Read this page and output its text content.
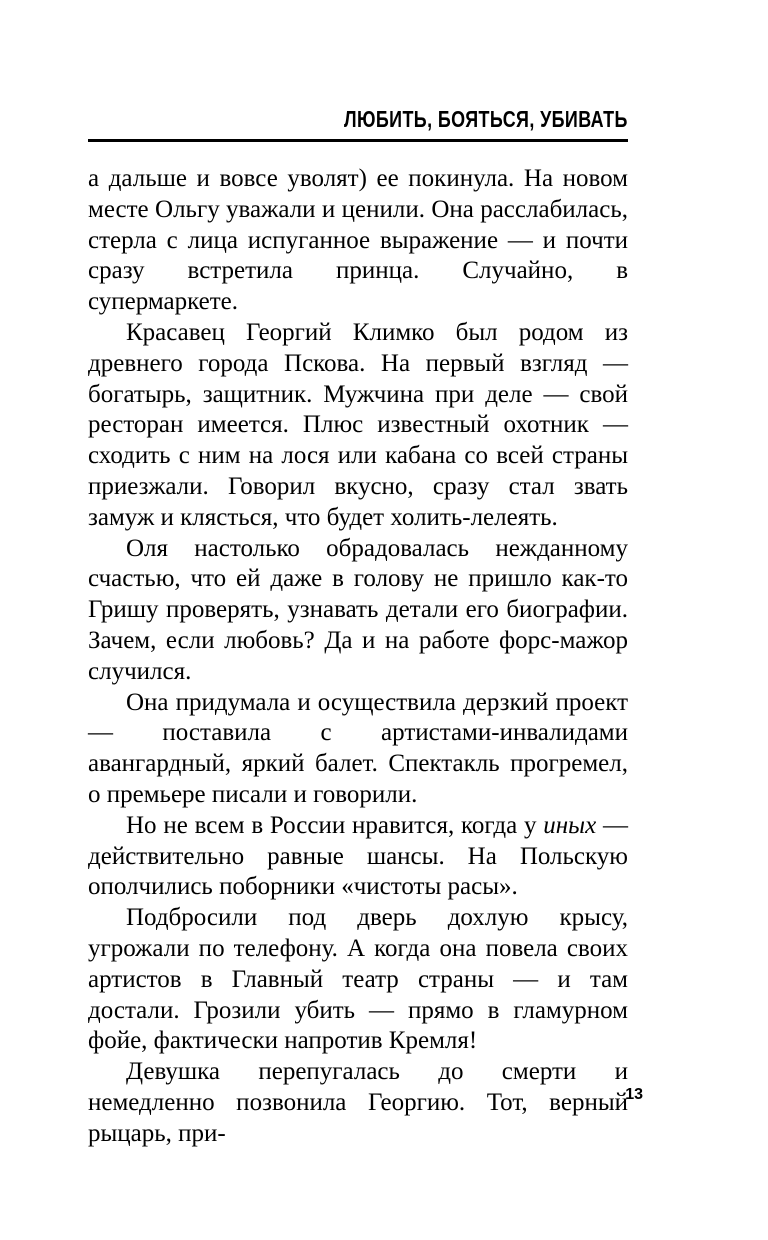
ЛЮБИТЬ, БОЯТЬСЯ, УБИВАТЬ

а дальше и вовсе уволят) ее покинула. На новом месте Ольгу уважали и ценили. Она расслабилась, стерла с лица испуганное выражение — и почти сразу встретила принца. Случайно, в супермаркете.

Красавец Георгий Климко был родом из древнего города Пскова. На первый взгляд — богатырь, защитник. Мужчина при деле — свой ресторан имеется. Плюс известный охотник — сходить с ним на лося или кабана со всей страны приезжали. Говорил вкусно, сразу стал звать замуж и клясться, что будет холить-лелеять.

Оля настолько обрадовалась нежданному счастью, что ей даже в голову не пришло как-то Гришу проверять, узнавать детали его биографии. Зачем, если любовь? Да и на работе форс-мажор случился.

Она придумала и осуществила дерзкий проект — поставила с артистами-инвалидами авангардный, яркий балет. Спектакль прогремел, о премьере писали и говорили.

Но не всем в России нравится, когда у иных — действительно равные шансы. На Польскую ополчились поборники «чистоты расы».

Подбросили под дверь дохлую крысу, угрожали по телефону. А когда она повела своих артистов в Главный театр страны — и там достали. Грозили убить — прямо в гламурном фойе, фактически напротив Кремля!

Девушка перепугалась до смерти и немедленно позвонила Георгию. Тот, верный рыцарь, при-

13
